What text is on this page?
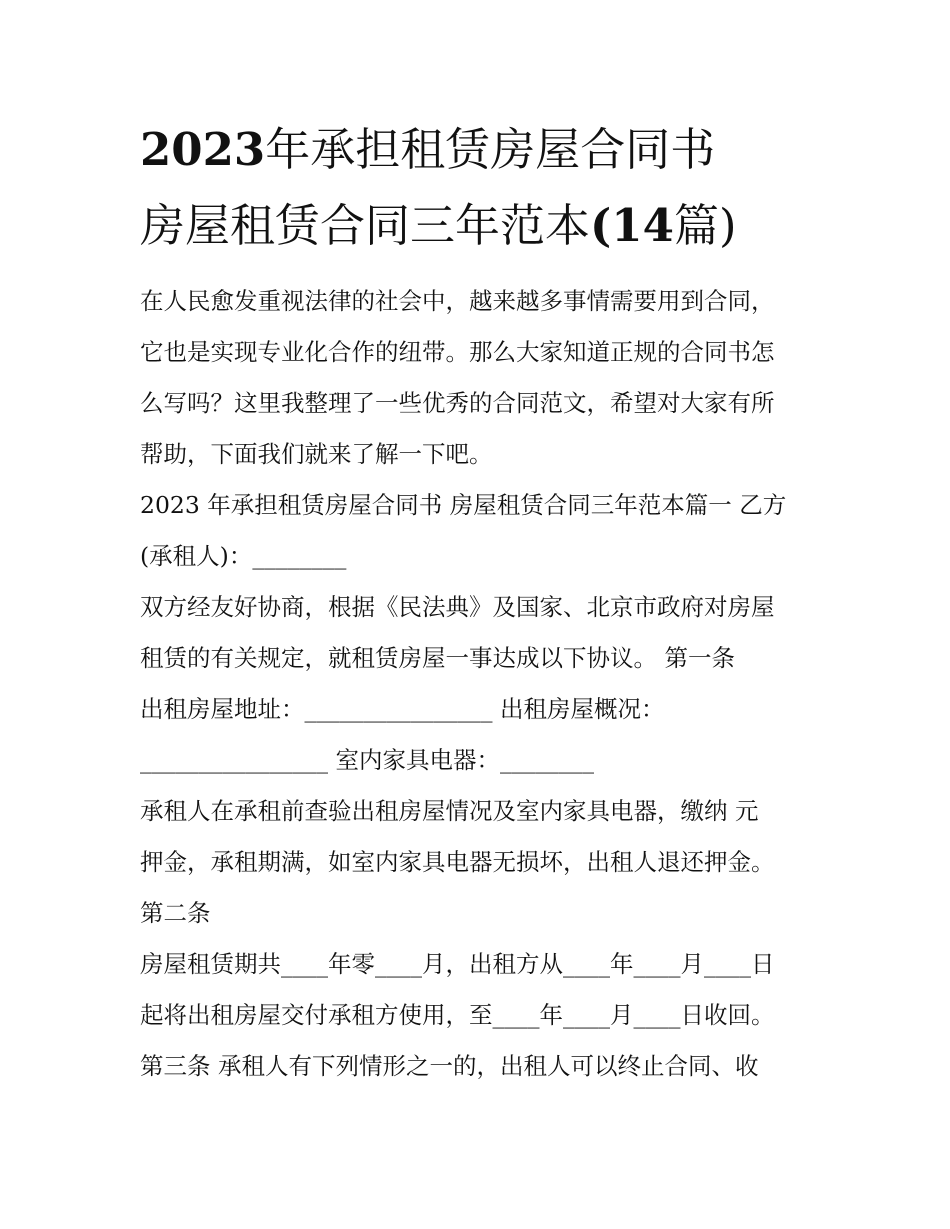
2023年承担租赁房屋合同书
房屋租赁合同三年范本(14篇)
在人民愈发重视法律的社会中，越来越多事情需要用到合同，
它也是实现专业化合作的纽带。那么大家知道正规的合同书怎
么写吗？这里我整理了一些优秀的合同范文，希望对大家有所
帮助，下面我们就来了解一下吧。
2023 年承担租赁房屋合同书 房屋租赁合同三年范本篇一 乙方
(承租人)：________
双方经友好协商，根据《民法典》及国家、北京市政府对房屋
租赁的有关规定，就租赁房屋一事达成以下协议。 第一条
出租房屋地址：________________ 出租房屋概况：
________________ 室内家具电器：________
承租人在承租前查验出租房屋情况及室内家具电器，缴纳 元
押金，承租期满，如室内家具电器无损坏，出租人退还押金。
第二条
房屋租赁期共____年零____月，出租方从____年____月____日
起将出租房屋交付承租方使用，至____年____月____日收回。
第三条 承租人有下列情形之一的，出租人可以终止合同、收
